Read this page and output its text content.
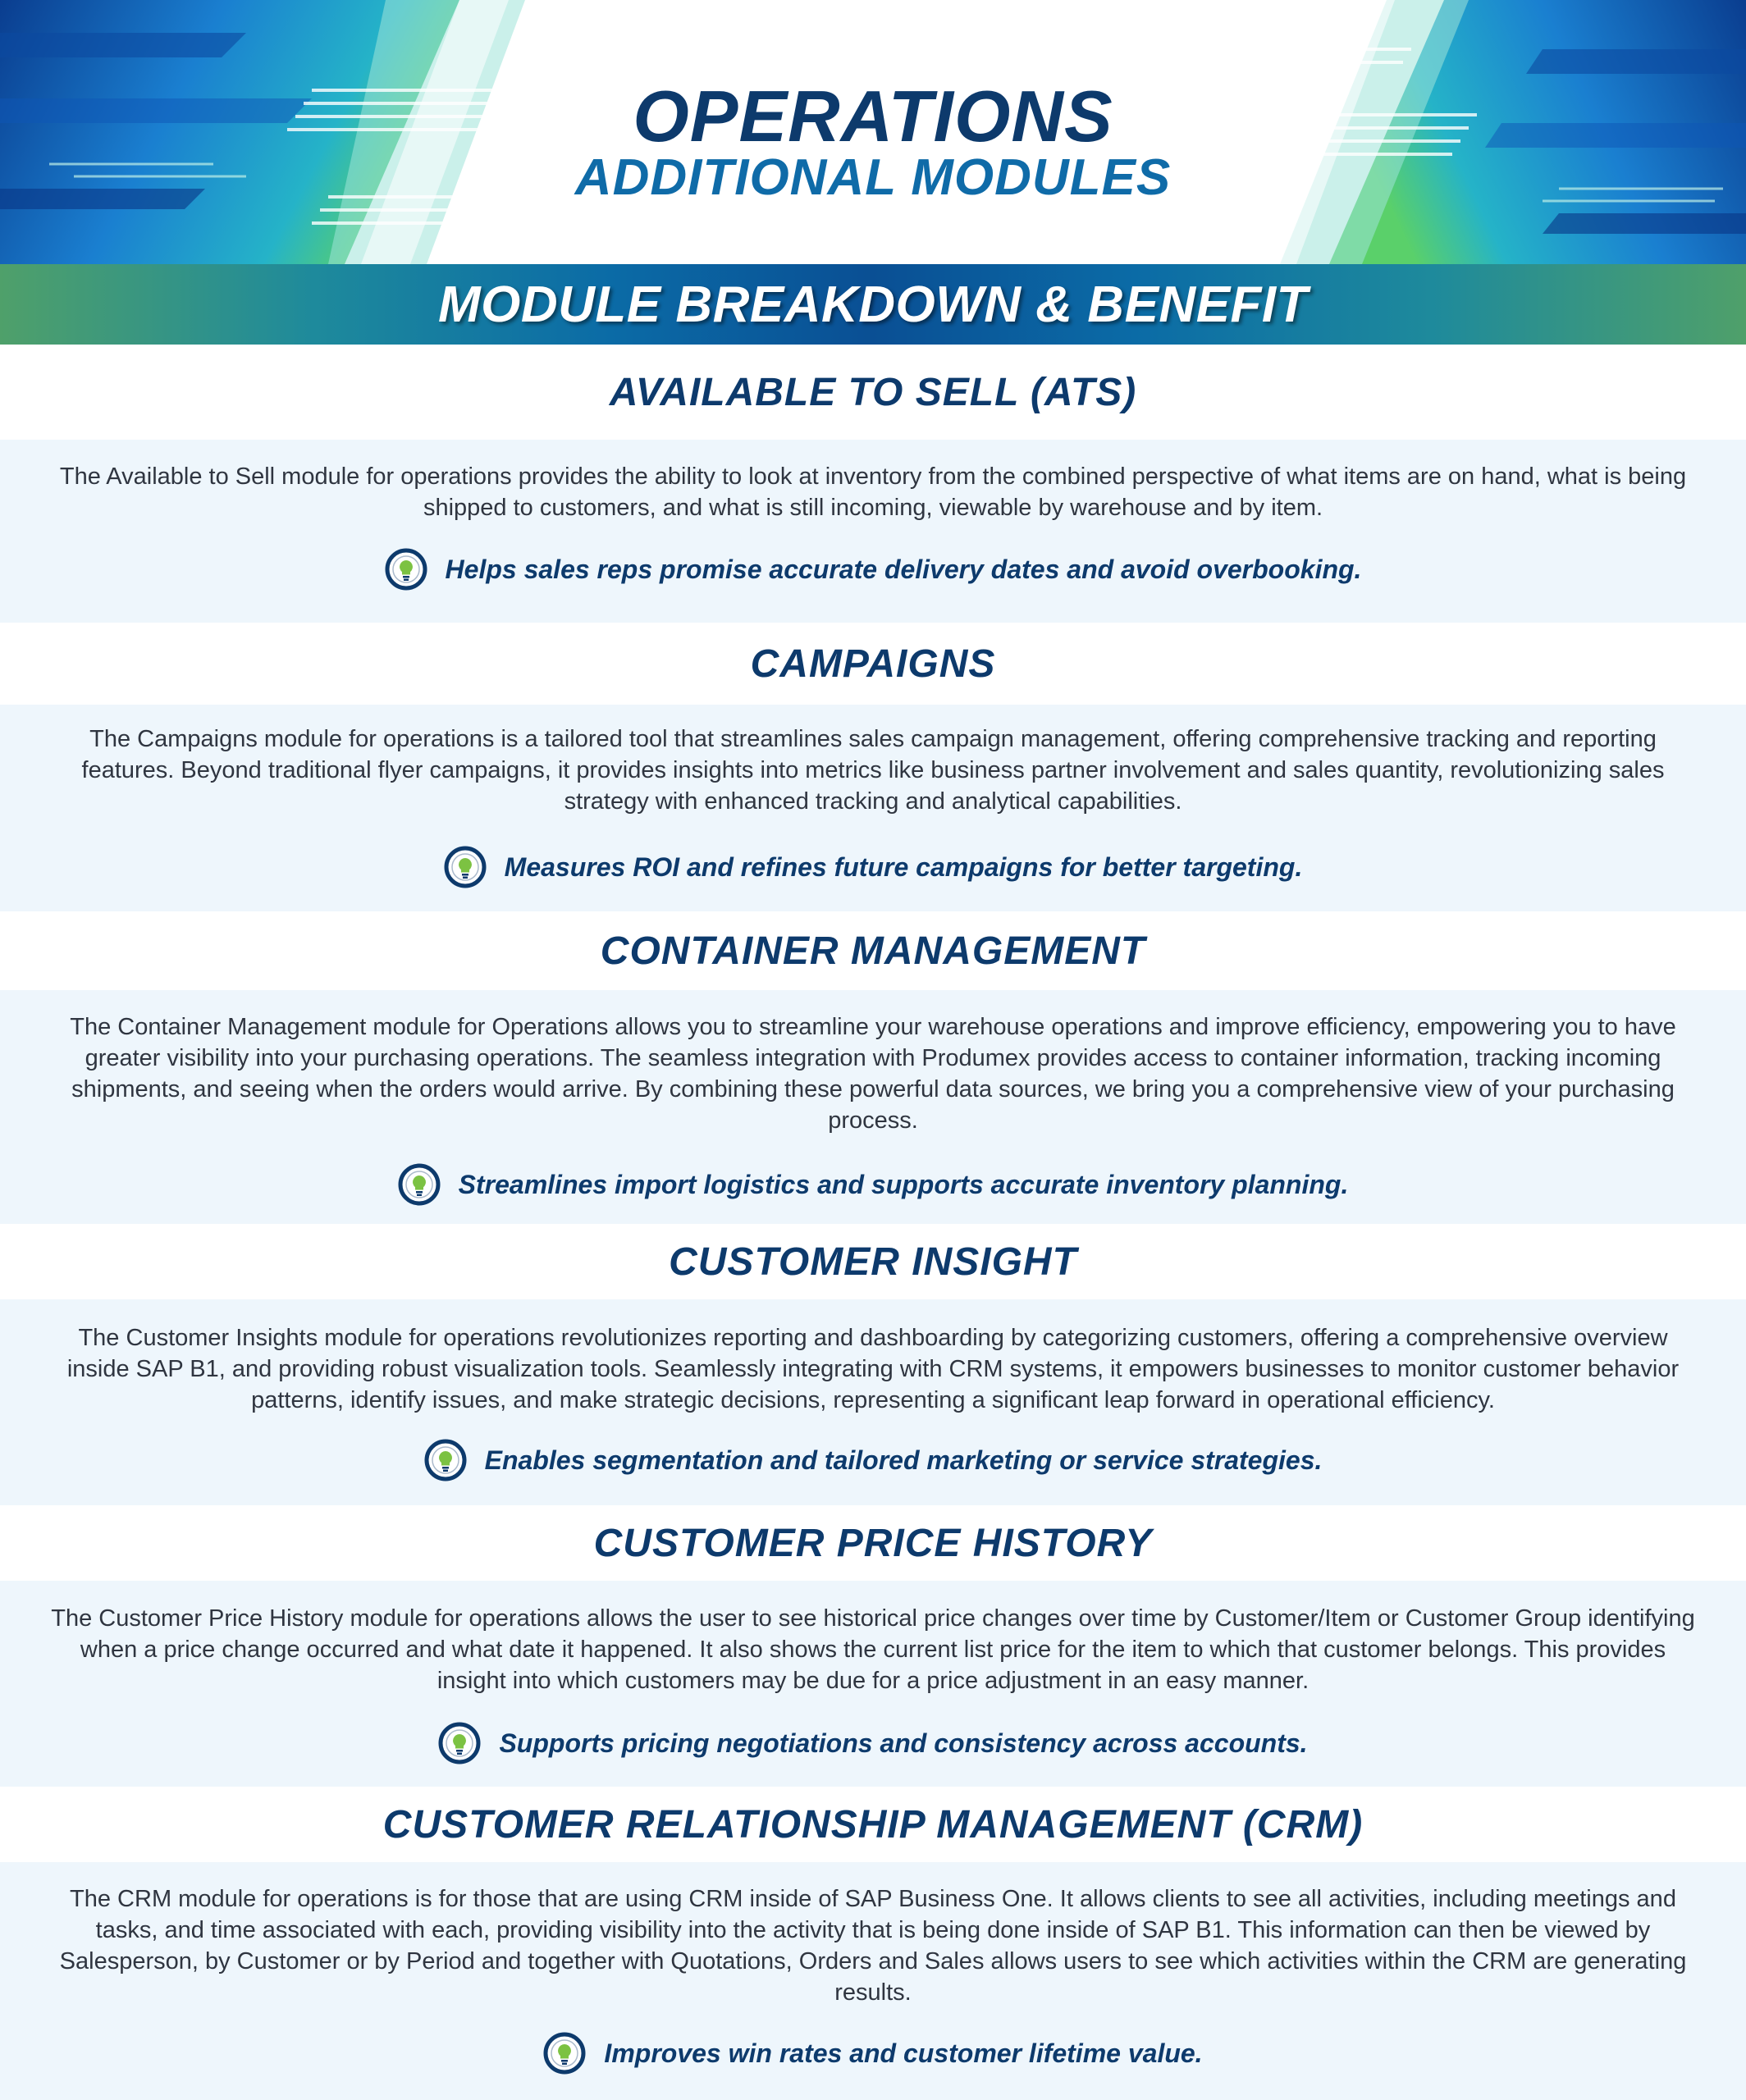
OPERATIONS
ADDITIONAL MODULES
MODULE BREAKDOWN & BENEFIT
AVAILABLE TO SELL (ATS)

The Available to Sell module for operations provides the ability to look at inventory from the combined perspective of what items are on hand, what is being shipped to customers, and what is still incoming, viewable by warehouse and by item.

Helps sales reps promise accurate delivery dates and avoid overbooking.
CAMPAIGNS

The Campaigns module for operations is a tailored tool that streamlines sales campaign management, offering comprehensive tracking and reporting features. Beyond traditional flyer campaigns, it provides insights into metrics like business partner involvement and sales quantity, revolutionizing sales strategy with enhanced tracking and analytical capabilities.

Measures ROI and refines future campaigns for better targeting.
CONTAINER MANAGEMENT

The Container Management module for Operations allows you to streamline your warehouse operations and improve efficiency, empowering you to have greater visibility into your purchasing operations. The seamless integration with Produmex provides access to container information, tracking incoming shipments, and seeing when the orders would arrive. By combining these powerful data sources, we bring you a comprehensive view of your purchasing process.

Streamlines import logistics and supports accurate inventory planning.
CUSTOMER INSIGHT

The Customer Insights module for operations revolutionizes reporting and dashboarding by categorizing customers, offering a comprehensive overview inside SAP B1, and providing robust visualization tools. Seamlessly integrating with CRM systems, it empowers businesses to monitor customer behavior patterns, identify issues, and make strategic decisions, representing a significant leap forward in operational efficiency.

Enables segmentation and tailored marketing or service strategies.
CUSTOMER PRICE HISTORY

The Customer Price History module for operations allows the user to see historical price changes over time by Customer/Item or Customer Group identifying when a price change occurred and what date it happened. It also shows the current list price for the item to which that customer belongs. This provides insight into which customers may be due for a price adjustment in an easy manner.

Supports pricing negotiations and consistency across accounts.
CUSTOMER RELATIONSHIP MANAGEMENT (CRM)

The CRM module for operations is for those that are using CRM inside of SAP Business One. It allows clients to see all activities, including meetings and tasks, and time associated with each, providing visibility into the activity that is being done inside of SAP B1. This information can then be viewed by Salesperson, by Customer or by Period and together with Quotations, Orders and Sales allows users to see which activities within the CRM are generating results.

Improves win rates and customer lifetime value.
